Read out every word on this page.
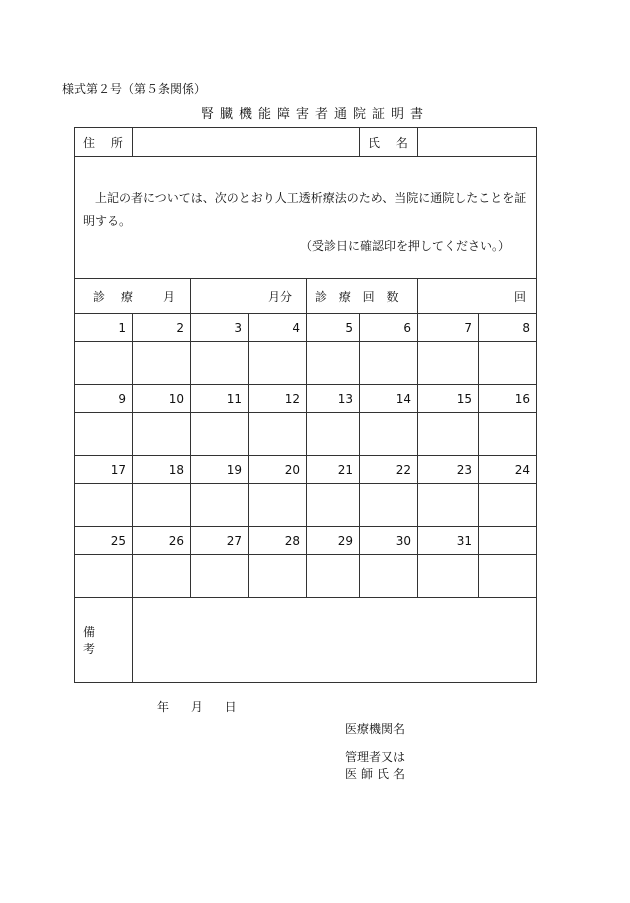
様式第２号（第５条関係）
腎臓機能障害者通院証明書
住 所					氏 名		

上記の者については、次のとおり人工透析療法のため、当院に通院したことを証明する。

（受診日に確認印を押してください。）							

診　療　　月		月分		診 療 回 数		回	
1	2	3	4	5	6	7	8

9	10	11	12	13	14	15	16

17	18	19	20	21	22	23	24

25	26	27	28	29	30	31	

備 考							
年 月 日
医療機関名
管理者又は
医師氏名
